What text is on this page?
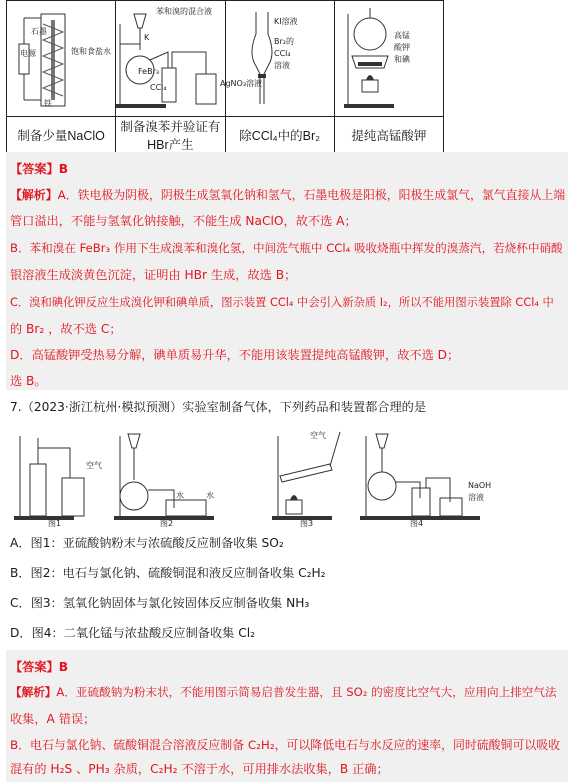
电源
石墨
铁
饱和食盐水	苯和溴的混合液
K
FeBr₃
CCl₄ AgNO₃溶液	KI溶液
Br₂的
CCl₄
溶液	高锰
酸钾
和碘

制备少量NaClO	制备溴苯并验证有HBr产生	除CCl₄中的Br₂	提纯高锰酸钾
【答案】B
【解析】A．铁电极为阴极，阴极生成氢氧化钠和氢气，石墨电极是阳极，阳极生成氯气，氯气直接从上端
管口溢出，不能与氢氧化钠接触，不能生成 NaClO，故不选 A；
B．苯和溴在 FeBr₃ 作用下生成溴苯和溴化氢，中间洗气瓶中 CCl₄ 吸收烧瓶中挥发的溴蒸汽，若烧杯中硝酸
银溶液生成淡黄色沉淀，证明由 HBr 生成，故选 B；
C．溴和碘化钾反应生成溴化钾和碘单质，图示装置 CCl₄ 中会引入新杂质 I₂，所以不能用图示装置除 CCl₄ 中
的 Br₂ ，故不选 C；
D．高锰酸钾受热易分解，碘单质易升华，不能用该装置提纯高锰酸钾，故不选 D；
选 B。
7.（2023·浙江杭州·模拟预测）实验室制备气体，下列药品和装置都合理的是
空气
图1
水	水
图2
空气
图3
NaOH
溶液
图4
A．图1：亚硫酸钠粉末与浓硫酸反应制备收集 SO₂
B．图2：电石与氯化钠、硫酸铜混和液反应制备收集 C₂H₂
C．图3：氢氧化钠固体与氯化铵固体反应制备收集 NH₃
D．图4：二氧化锰与浓盐酸反应制备收集 Cl₂
【答案】B
【解析】A．亚硫酸钠为粉末状，不能用图示简易启普发生器，且 SO₂ 的密度比空气大，应用向上排空气法
收集，A 错误；
B．电石与氯化钠、硫酸铜混合溶液反应制备 C₂H₂，可以降低电石与水反应的速率，同时硫酸铜可以吸收
混有的 H₂S 、PH₃ 杂质，C₂H₂ 不溶于水，可用排水法收集，B 正确；
